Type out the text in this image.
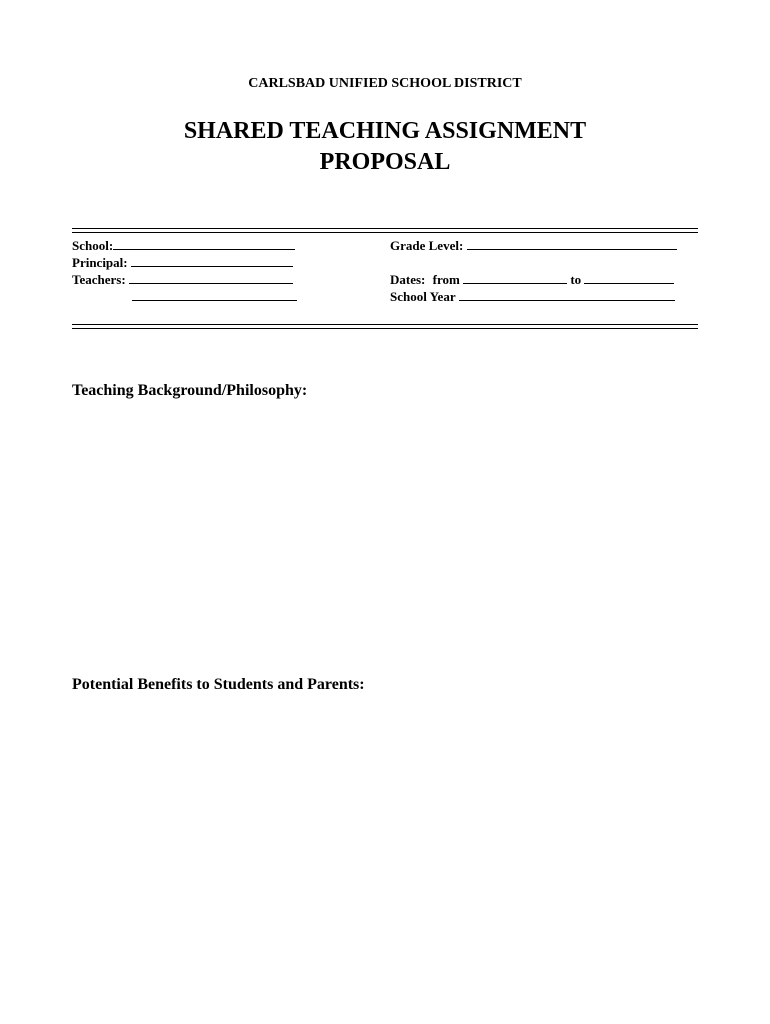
CARLSBAD UNIFIED SCHOOL DISTRICT
SHARED TEACHING ASSIGNMENT
PROPOSAL
School:
Principal:
Teachers:
Grade Level:
Dates: from	to
School Year
Teaching Background/Philosophy:
Potential Benefits to Students and Parents:
